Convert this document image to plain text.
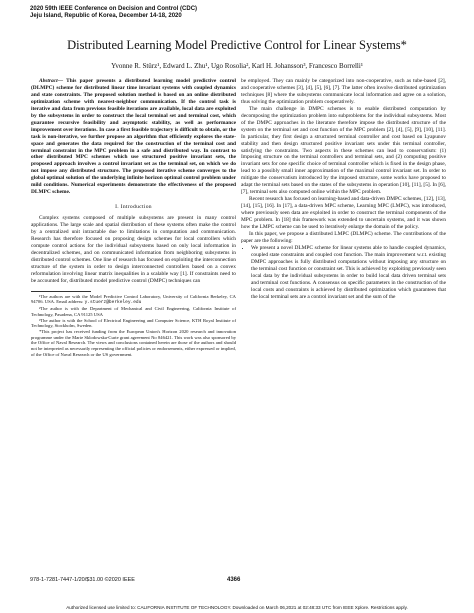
2020 59th IEEE Conference on Decision and Control (CDC)
Jeju Island, Republic of Korea, December 14-18, 2020
Distributed Learning Model Predictive Control for Linear Systems*
Yvonne R. Stürz¹, Edward L. Zhu¹, Ugo Rosolia², Karl H. Johansson³, Francesco Borrelli¹

Abstract— This paper presents a distributed learning model predictive control (DLMPC) scheme for distributed linear time invariant systems with coupled dynamics and state constraints. The proposed solution method is based on an online distributed optimization scheme with nearest-neighbor communication. If the control task is iterative and data from previous feasible iterations are available, local data are exploited by the subsystems in order to construct the local terminal set and terminal cost, which guarantee recursive feasibility and asymptotic stability, as well as performance improvement over iterations. In case a first feasible trajectory is difficult to obtain, or the task is non-iterative, we further propose an algorithm that efficiently explores the state-space and generates the data required for the construction of the terminal cost and terminal constraint in the MPC problem in a safe and distributed way. In contrast to other distributed MPC schemes which use structured positive invariant sets, the proposed approach involves a control invariant set as the terminal set, on which we do not impose any distributed structure. The proposed iterative scheme converges to the global optimal solution of the underlying infinite horizon optimal control problem under mild conditions. Numerical experiments demonstrate the effectiveness of the proposed DLMPC scheme.

I. Introduction

Complex systems composed of multiple subsystems are present in many control applications. The large scale and spatial distribution of these systems often make the control by a centralized unit intractable due to limitations in computation and communication. Research has therefore focused on proposing design schemes for local controllers which compute control actions for the individual subsystems based on only local information in decentralized schemes, and on communicated information from neighboring subsystems in distributed control schemes. One line of research has focused on exploiting the interconnection structure of the system in order to design interconnected controllers based on a convex reformulation involving linear matrix inequalities in a scalable way [1]. If constraints need to be accounted for, distributed model predictive control (DMPC) techniques can

¹The authors are with the Model Predictive Control Laboratory, University of California Berkeley, CA 94706. USA. Email address: y.stuerz@berkeley.edu
²The author is with the Department of Mechanical and Civil Engineering, California Institute of Technology, Pasadena, CA 91125 USA
³The author is with the School of Electrical Engineering and Computer Science, KTH Royal Institute of Technology, Stockholm, Sweden.
*This project has received funding from the European Union's Horizon 2020 research and innovation programme under the Marie Sklodowska-Curie grant agreement No 846421. This work was also sponsored by the Office of Naval Research. The views and conclusions contained herein are those of the authors and should not be interpreted as necessarily representing the official policies or endorsements, either expressed or implied, of the Office of Naval Research or the US government.

be employed. They can mainly be categorized into non-cooperative, such as tube-based [2], and cooperative schemes [3], [4], [5], [6], [7]. The latter often involve distributed optimization techniques [8] where the subsystems communicate local information and agree on a solution, thus solving the optimization problem cooperatively.

The main challenge in DMPC schemes is to enable distributed computation by decomposing the optimization problem into subproblems for the individual subsystems. Most of the DMPC approaches in the literature therefore impose the distributed structure of the system on the terminal set and cost function of the MPC problem [2], [4], [5], [9], [10], [11]. In particular, they first design a structured terminal controller and cost based on Lyapunov stability and then design structured positive invariant sets under this terminal controller, satisfying the constraints. Two aspects in these schemes can lead to conservatism: (1) Imposing structure on the terminal controllers and terminal sets, and (2) computing positive invariant sets for one specific choice of terminal controller which is fixed in the design phase, lead to a possibly small inner approximation of the maximal control invariant set. In order to mitigate the conservatism introduced by the imposed structure, some works have proposed to adapt the terminal sets based on the states of the subsystems in operation [10], [11], [5]. In [6], [7], terminal sets also computed online within the MPC problem.

Recent research has focused on learning-based and data-driven DMPC schemes, [12], [13], [14], [15], [16]. In [17], a data-driven MPC scheme, Learning MPC (LMPC), was introduced, where previously seen data are exploited in order to construct the terminal components of the MPC problem. In [18] this framework was extended to uncertain systems, and it was shown how the LMPC scheme can be used to iteratively enlarge the domain of the policy.

In this paper, we propose a distributed LMPC (DLMPC) scheme. The contributions of the paper are the following:

• We present a novel DLMPC scheme for linear systems able to handle coupled dynamics, coupled state constraints and coupled cost function. The main improvement w.r.t. existing DMPC approaches is fully distributed computations without imposing any structure on the terminal cost function or constraint set. This is achieved by exploiting previously seen local data by the individual subsystems in order to build local data driven terminal sets and terminal cost functions. A consensus on specific parameters in the construction of the local costs and constraints is achieved by distributed optimization which guarantees that the local terminal sets are a control invariant set and the sum of the
978-1-7281-7447-1/20/$31.00 ©2020 IEEE	4366
Authorized licensed use limited to: CALIFORNIA INSTITUTE OF TECHNOLOGY. Downloaded on March 06,2021 at 02:48:33 UTC from IEEE Xplore. Restrictions apply.
